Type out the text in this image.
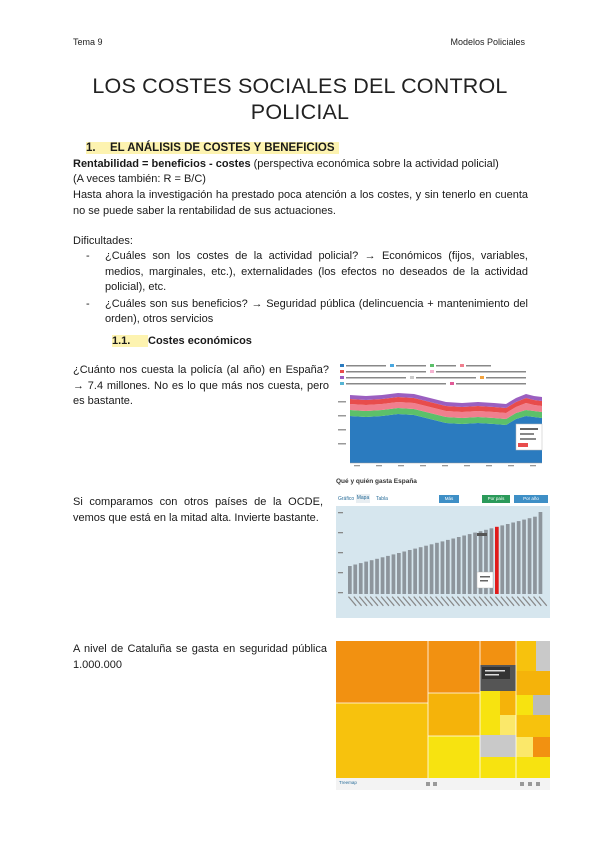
Tema 9	Modelos Policiales
LOS COSTES SOCIALES DEL CONTROL POLICIAL
1. EL ANÁLISIS DE COSTES Y BENEFICIOS
Rentabilidad = beneficios - costes (perspectiva económica sobre la actividad policial)
(A veces también: R = B/C)
Hasta ahora la investigación ha prestado poca atención a los costes, y sin tenerlo en cuenta no se puede saber la rentabilidad de sus actuaciones.
Dificultades:
- ¿Cuáles son los costes de la actividad policial? → Económicos (fijos, variables, medios, marginales, etc.), externalidades (los efectos no deseados de la actividad policial), etc.
- ¿Cuáles son sus beneficios? → Seguridad pública (delincuencia + mantenimiento del orden), otros servicios
1.1. Costes económicos
¿Cuánto nos cuesta la policía (al año) en España? → 7.4 millones. No es lo que más nos cuesta, pero es bastante.
Si comparamos con otros países de la OCDE, vemos que está en la mitad alta. Invierte bastante.
A nivel de Cataluña se gasta en seguridad pública 1.000.000
Qué y quién gasta España
Gráfico Mapa Tabla	Más	Por país	Por año
Treemap
